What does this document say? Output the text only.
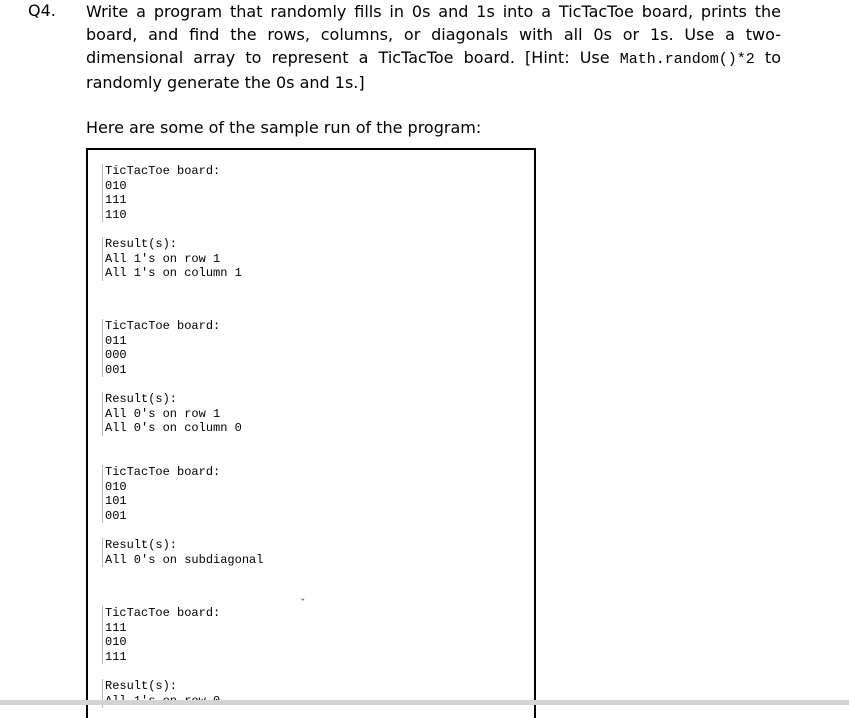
Q4. Write a program that randomly fills in 0s and 1s into a TicTacToe board, prints the board, and find the rows, columns, or diagonals with all 0s or 1s. Use a two-dimensional array to represent a TicTacToe board. [Hint: Use Math.random()*2 to randomly generate the 0s and 1s.]
Here are some of the sample run of the program:
TicTacToe board:
010
111
110
Result(s):
All 1's on row 1
All 1's on column 1
TicTacToe board:
011
000
001
Result(s):
All 0's on row 1
All 0's on column 0
TicTacToe board:
010
101
001
Result(s):
All 0's on subdiagonal
TicTacToe board:
111
010
111
Result(s):
ˇ
